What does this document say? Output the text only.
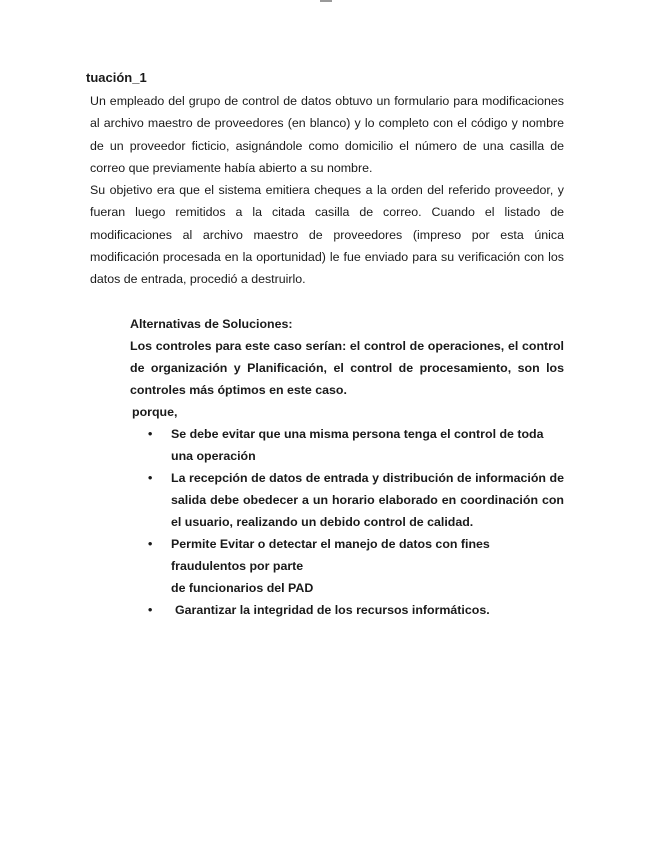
tuación_1

Un empleado del grupo de control de datos obtuvo un formulario para modificaciones al archivo maestro de proveedores (en blanco) y lo completo con el código y nombre de un proveedor ficticio, asignándole como domicilio el número de una casilla de correo que previamente había abierto a su nombre.

Su objetivo era que el sistema emitiera cheques a la orden del referido proveedor, y fueran luego remitidos a la citada casilla de correo. Cuando el listado de modificaciones al archivo maestro de proveedores (impreso por esta única modificación procesada en la oportunidad) le fue enviado para su verificación con los datos de entrada, procedió a destruirlo.

Alternativas de Soluciones:

Los controles para este caso serían: el control de operaciones, el control de organización y Planificación, el control de procesamiento, son los controles más óptimos en este caso.

porque,

• Se debe evitar que una misma persona tenga el control de toda una operación
• La recepción de datos de entrada y distribución de información de salida debe obedecer a un horario elaborado en coordinación con el usuario, realizando un debido control de calidad.
• Permite Evitar o detectar el manejo de datos con fines fraudulentos por parte
de funcionarios del PAD
•	Garantizar la integridad de los recursos informáticos.
